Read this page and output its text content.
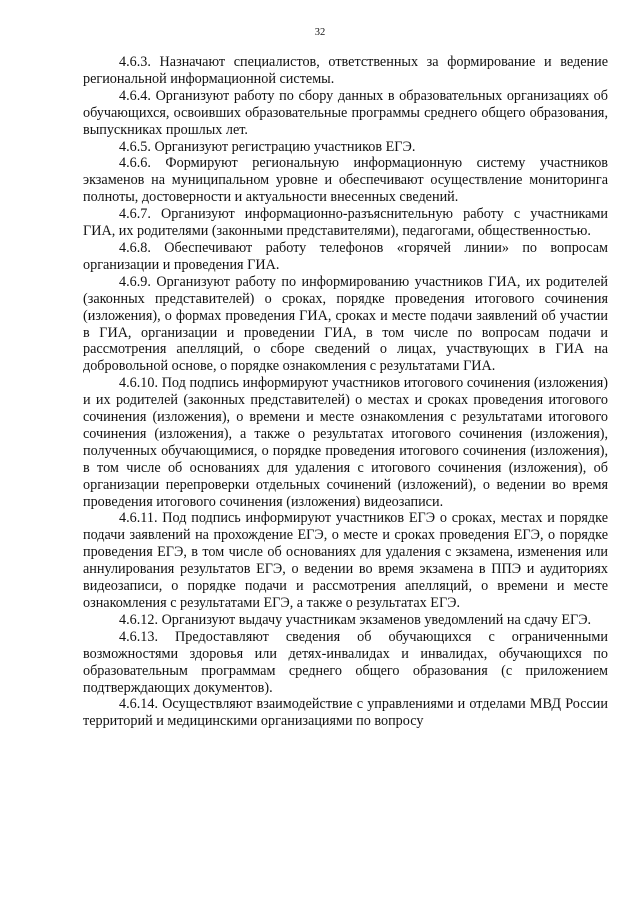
32

4.6.3. Назначают специалистов, ответственных за формирование и ведение региональной информационной системы.

4.6.4. Организуют работу по сбору данных в образовательных организациях об обучающихся, освоивших образовательные программы среднего общего образования, выпускниках прошлых лет.

4.6.5. Организуют регистрацию участников ЕГЭ.

4.6.6. Формируют региональную информационную систему участников экзаменов на муниципальном уровне и обеспечивают осуществление мониторинга полноты, достоверности и актуальности внесенных сведений.

4.6.7. Организуют информационно-разъяснительную работу с участниками ГИА, их родителями (законными представителями), педагогами, общественностью.

4.6.8. Обеспечивают работу телефонов «горячей линии» по вопросам организации и проведения ГИА.

4.6.9. Организуют работу по информированию участников ГИА, их родителей (законных представителей) о сроках, порядке проведения итогового сочинения (изложения), о формах проведения ГИА, сроках и месте подачи заявлений об участии в ГИА, организации и проведении ГИА, в том числе по вопросам подачи и рассмотрения апелляций, о сборе сведений о лицах, участвующих в ГИА на добровольной основе, о порядке ознакомления с результатами ГИА.

4.6.10. Под подпись информируют участников итогового сочинения (изложения) и их родителей (законных представителей) о местах и сроках проведения итогового сочинения (изложения), о времени и месте ознакомления с результатами итогового сочинения (изложения), а также о результатах итогового сочинения (изложения), полученных обучающимися, о порядке проведения итогового сочинения (изложения), в том числе об основаниях для удаления с итогового сочинения (изложения), об организации перепроверки отдельных сочинений (изложений), о ведении во время проведения итогового сочинения (изложения) видеозаписи.

4.6.11. Под подпись информируют участников ЕГЭ о сроках, местах и порядке подачи заявлений на прохождение ЕГЭ, о месте и сроках проведения ЕГЭ, о порядке проведения ЕГЭ, в том числе об основаниях для удаления с экзамена, изменения или аннулирования результатов ЕГЭ, о ведении во время экзамена в ППЭ и аудиториях видеозаписи, о порядке подачи и рассмотрения апелляций, о времени и месте ознакомления с результатами ЕГЭ, а также о результатах ЕГЭ.

4.6.12. Организуют выдачу участникам экзаменов уведомлений на сдачу ЕГЭ.

4.6.13. Предоставляют сведения об обучающихся с ограниченными возможностями здоровья или детях-инвалидах и инвалидах, обучающихся по образовательным программам среднего общего образования (с приложением подтверждающих документов).

4.6.14. Осуществляют взаимодействие с управлениями и отделами МВД России территорий и медицинскими организациями по вопросу
